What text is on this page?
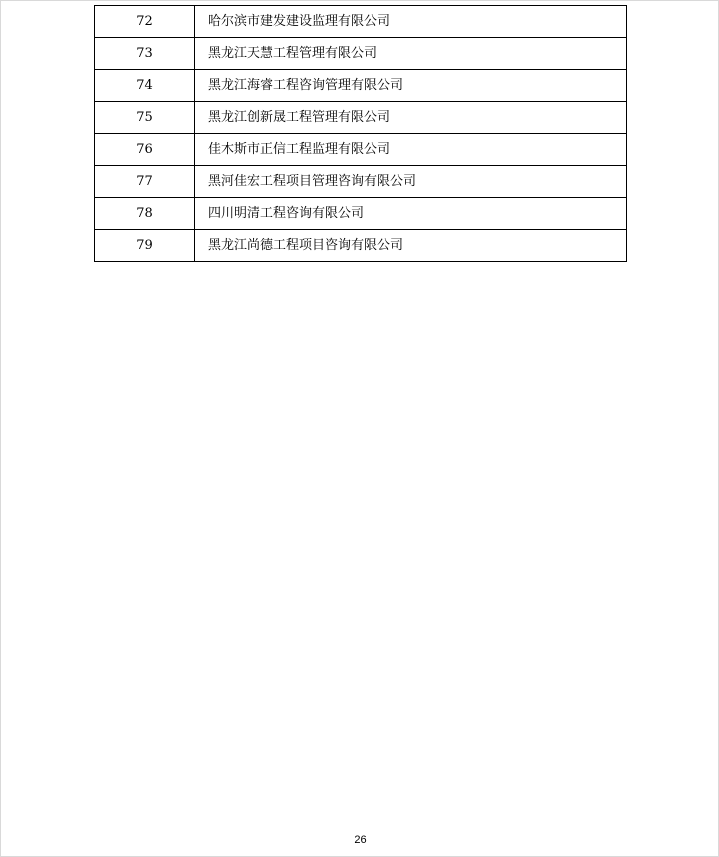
72	哈尔滨市建发建设监理有限公司
73	黑龙江天慧工程管理有限公司
74	黑龙江海睿工程咨询管理有限公司
75	黑龙江创新晟工程管理有限公司
76	佳木斯市正信工程监理有限公司
77	黑河佳宏工程项目管理咨询有限公司
78	四川明清工程咨询有限公司
79	黑龙江尚德工程项目咨询有限公司
26
